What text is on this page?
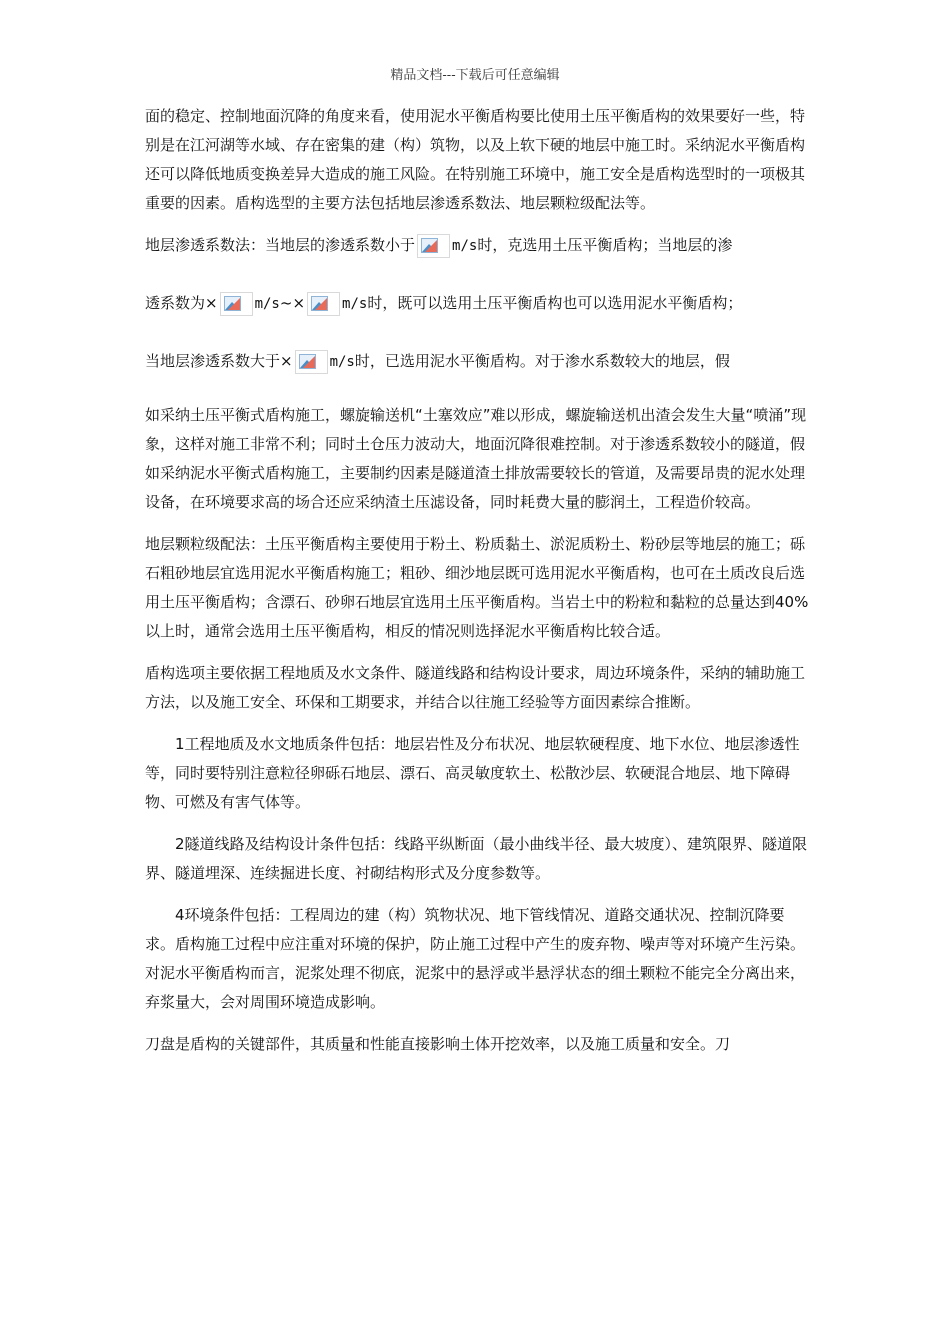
精品文档---下载后可任意编辑

面的稳定、控制地面沉降的角度来看，使用泥水平衡盾构要比使用土压平衡盾构的效果要好一些，特别是在江河湖等水域、存在密集的建（构）筑物，以及上软下硬的地层中施工时。采纳泥水平衡盾构还可以降低地质变换差异大造成的施工风险。在特别施工环境中，施工安全是盾构选型时的一项极其重要的因素。盾构选型的主要方法包括地层渗透系数法、地层颗粒级配法等。

地层渗透系数法：当地层的渗透系数小于	m/s时，克选用土压平衡盾构；当地层的渗

透系数为×	m/s~×	m/s时，既可以选用土压平衡盾构也可以选用泥水平衡盾构；

当地层渗透系数大于×	m/s时，已选用泥水平衡盾构。对于渗水系数较大的地层，假

如采纳土压平衡式盾构施工，螺旋输送机“土塞效应”难以形成，螺旋输送机出渣会发生大量“喷涌”现象，这样对施工非常不利；同时土仓压力波动大，地面沉降很难控制。对于渗透系数较小的隧道，假如采纳泥水平衡式盾构施工，主要制约因素是隧道渣土排放需要较长的管道，及需要昂贵的泥水处理设备，在环境要求高的场合还应采纳渣土压滤设备，同时耗费大量的膨润土，工程造价较高。

地层颗粒级配法：土压平衡盾构主要使用于粉土、粉质黏土、淤泥质粉土、粉砂层等地层的施工；砾石粗砂地层宜选用泥水平衡盾构施工；粗砂、细沙地层既可选用泥水平衡盾构，也可在土质改良后选用土压平衡盾构；含漂石、砂卵石地层宜选用土压平衡盾构。当岩土中的粉粒和黏粒的总量达到40%以上时，通常会选用土压平衡盾构，相反的情况则选择泥水平衡盾构比较合适。

盾构选项主要依据工程地质及水文条件、隧道线路和结构设计要求，周边环境条件，采纳的辅助施工方法，以及施工安全、环保和工期要求，并结合以往施工经验等方面因素综合推断。

1工程地质及水文地质条件包括：地层岩性及分布状况、地层软硬程度、地下水位、地层渗透性等，同时要特别注意粒径卵砾石地层、漂石、高灵敏度软土、松散沙层、软硬混合地层、地下障碍物、可燃及有害气体等。

2隧道线路及结构设计条件包括：线路平纵断面（最小曲线半径、最大坡度）、建筑限界、隧道限界、隧道埋深、连续掘进长度、衬砌结构形式及分度参数等。

4环境条件包括：工程周边的建（构）筑物状况、地下管线情况、道路交通状况、控制沉降要求。盾构施工过程中应注重对环境的保护，防止施工过程中产生的废弃物、噪声等对环境产生污染。对泥水平衡盾构而言，泥浆处理不彻底，泥浆中的悬浮或半悬浮状态的细土颗粒不能完全分离出来，弃浆量大，会对周围环境造成影响。

刀盘是盾构的关键部件，其质量和性能直接影响土体开挖效率，以及施工质量和安全。刀
